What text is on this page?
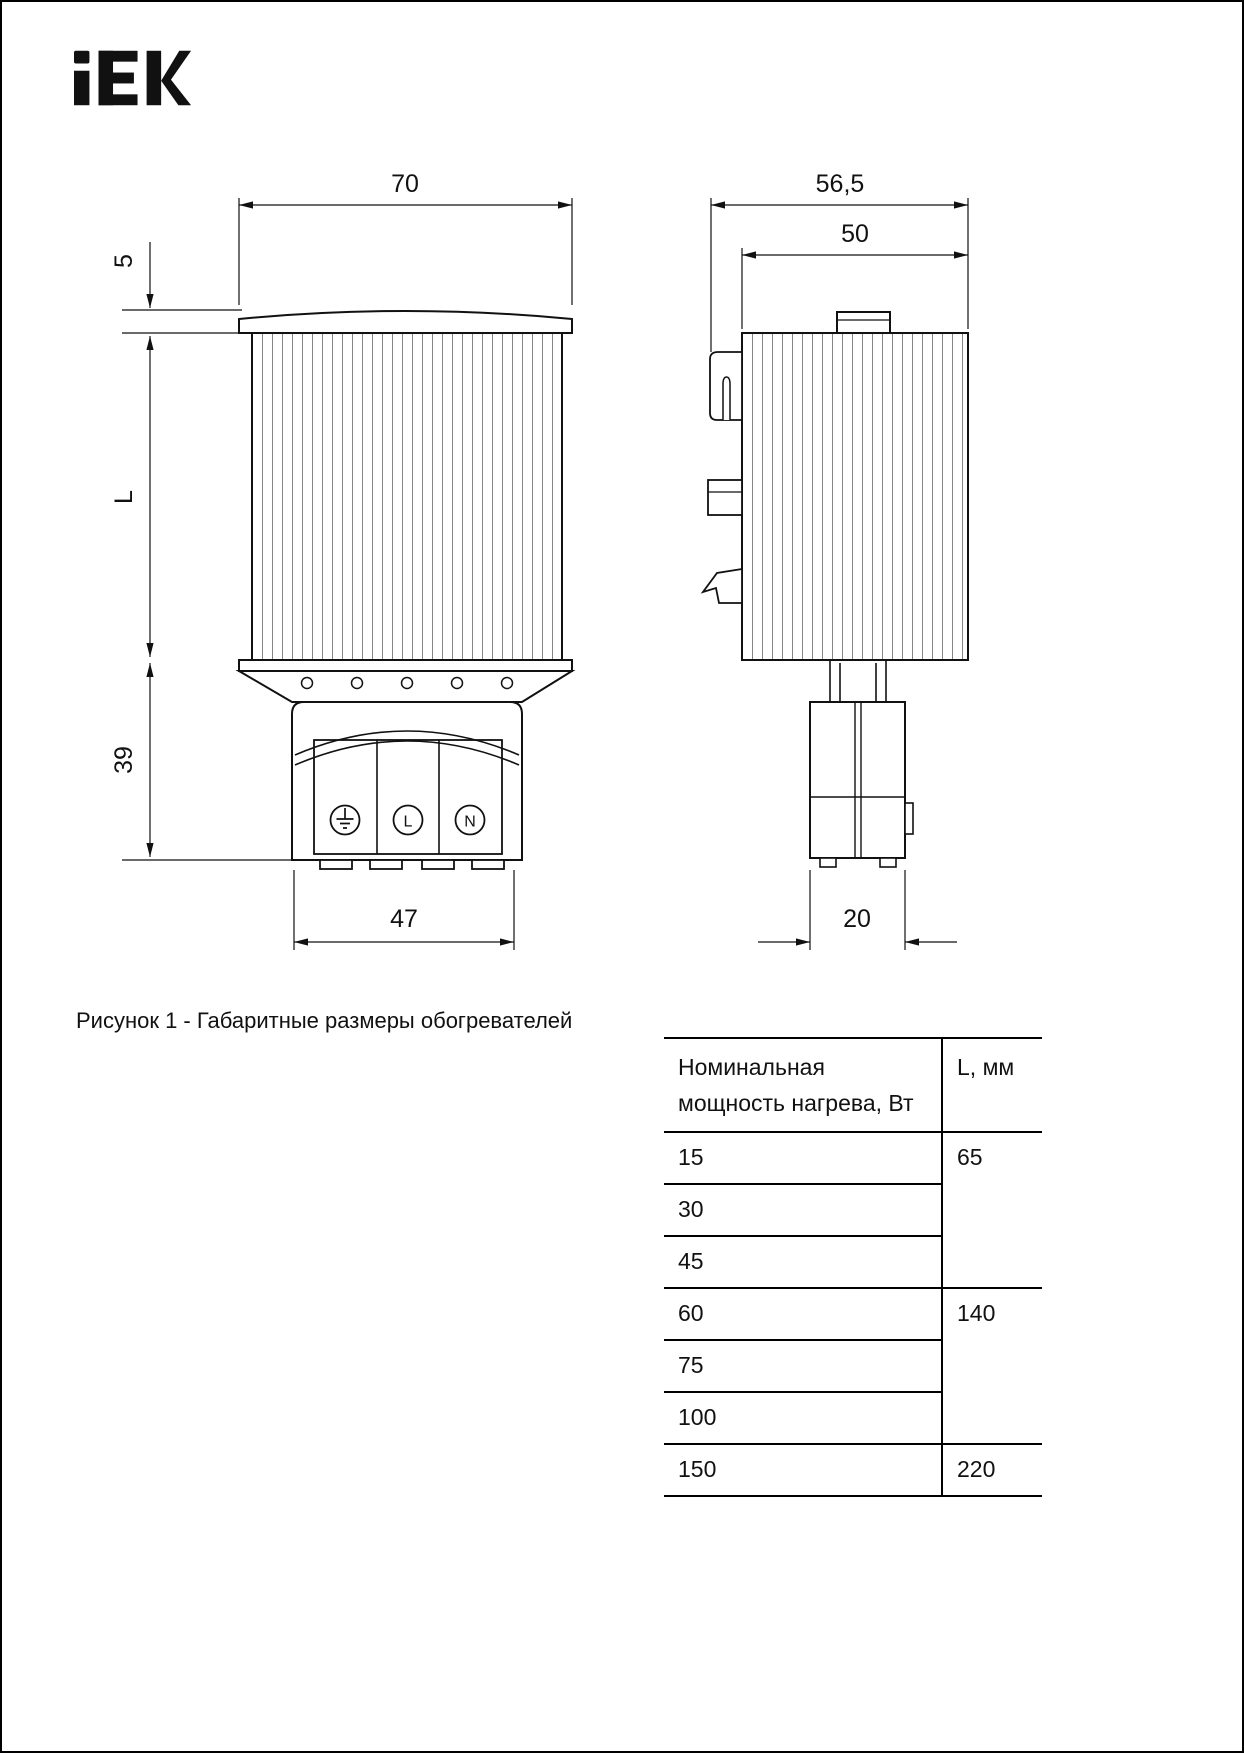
L	N
70
5
L
39
47
56,5
50
20
Рисунок 1 - Габаритные размеры обогревателей
Номинальная мощность нагрева, Вт	L, мм
15	65
30	
45	
60	140
75	
100	
150	220
